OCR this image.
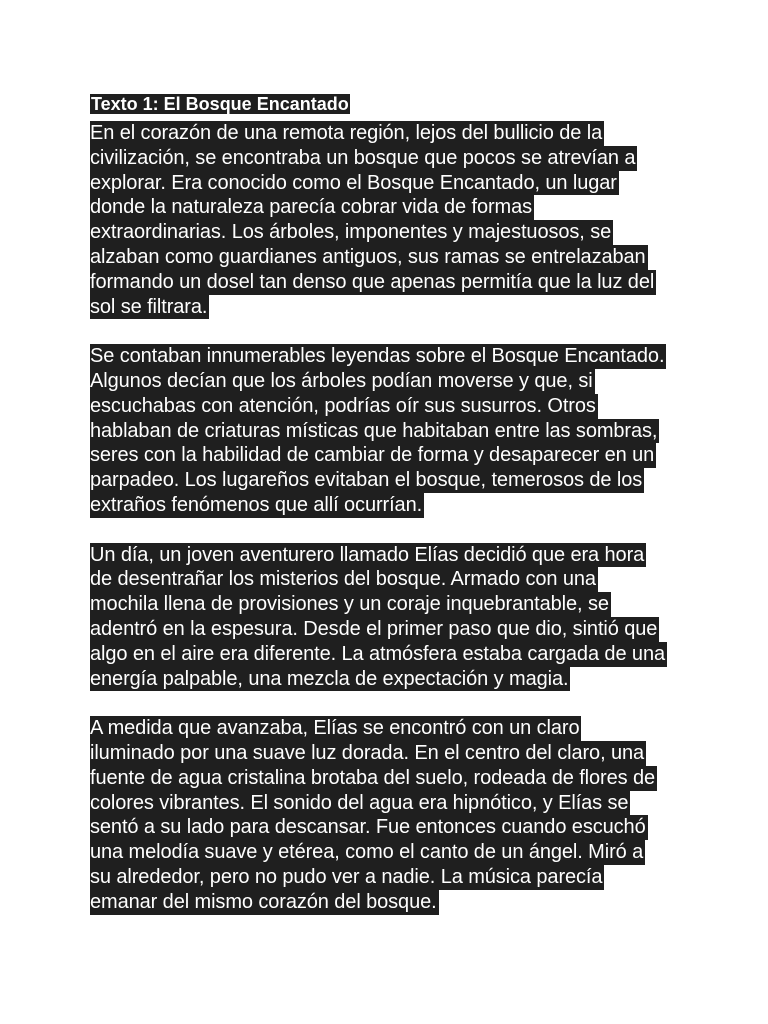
Texto 1: El Bosque Encantado
En el corazón de una remota región, lejos del bullicio de la
civilización, se encontraba un bosque que pocos se atrevían a
explorar. Era conocido como el Bosque Encantado, un lugar
donde la naturaleza parecía cobrar vida de formas
extraordinarias. Los árboles, imponentes y majestuosos, se
alzaban como guardianes antiguos, sus ramas se entrelazaban
formando un dosel tan denso que apenas permitía que la luz del
sol se filtrara.
Se contaban innumerables leyendas sobre el Bosque Encantado.
Algunos decían que los árboles podían moverse y que, si
escuchabas con atención, podrías oír sus susurros. Otros
hablaban de criaturas místicas que habitaban entre las sombras,
seres con la habilidad de cambiar de forma y desaparecer en un
parpadeo. Los lugareños evitaban el bosque, temerosos de los
extraños fenómenos que allí ocurrían.
Un día, un joven aventurero llamado Elías decidió que era hora
de desentrañar los misterios del bosque. Armado con una
mochila llena de provisiones y un coraje inquebrantable, se
adentró en la espesura. Desde el primer paso que dio, sintió que
algo en el aire era diferente. La atmósfera estaba cargada de una
energía palpable, una mezcla de expectación y magia.
A medida que avanzaba, Elías se encontró con un claro
iluminado por una suave luz dorada. En el centro del claro, una
fuente de agua cristalina brotaba del suelo, rodeada de flores de
colores vibrantes. El sonido del agua era hipnótico, y Elías se
sentó a su lado para descansar. Fue entonces cuando escuchó
una melodía suave y etérea, como el canto de un ángel. Miró a
su alrededor, pero no pudo ver a nadie. La música parecía
emanar del mismo corazón del bosque.
